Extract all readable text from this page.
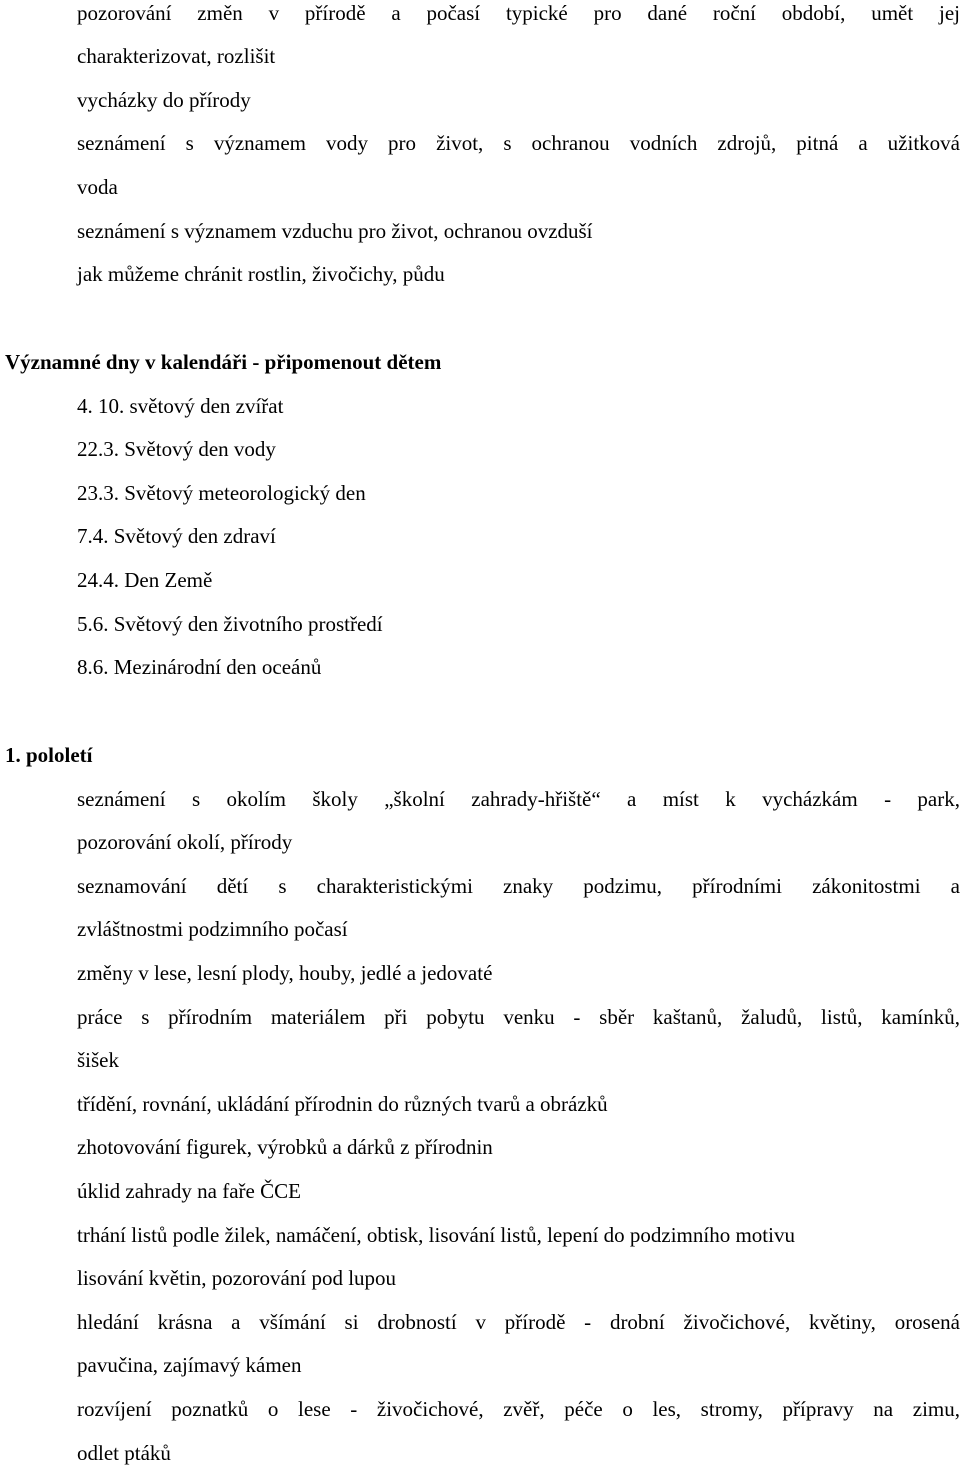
pozorování změn v přírodě a počasí typické pro dané roční období, umět jej
charakterizovat, rozlišit
vycházky do přírody
seznámení s významem vody pro život, s ochranou vodních zdrojů, pitná a užitková
voda
seznámení s významem vzduchu pro život, ochranou ovzduší
jak můžeme chránit rostlin, živočichy, půdu
Významné dny v kalendáři - připomenout dětem
4. 10. světový den zvířat
22.3. Světový den vody
23.3. Světový meteorologický den
7.4. Světový den zdraví
24.4. Den Země
5.6. Světový den životního prostředí
8.6. Mezinárodní den oceánů
1. pololetí
seznámení s okolím školy „školní zahrady-hřiště“ a míst k vycházkám - park,
pozorování okolí, přírody
seznamování dětí s charakteristickými znaky podzimu, přírodními zákonitostmi a
zvláštnostmi podzimního počasí
změny v lese, lesní plody, houby, jedlé a jedovaté
práce s přírodním materiálem při pobytu venku - sběr kaštanů, žaludů, listů, kamínků,
šišek
třídění, rovnání, ukládání přírodnin do různých tvarů a obrázků
zhotovování figurek, výrobků a dárků z přírodnin
úklid zahrady na faře ČCE
trhání listů podle žilek, namáčení, obtisk, lisování listů, lepení do podzimního motivu
lisování květin, pozorování pod lupou
hledání krásna a všímání si drobností v přírodě - drobní živočichové, květiny, orosená
pavučina, zajímavý kámen
rozvíjení poznatků o lese - živočichové, zvěř, péče o les, stromy, přípravy na zimu,
odlet ptáků
